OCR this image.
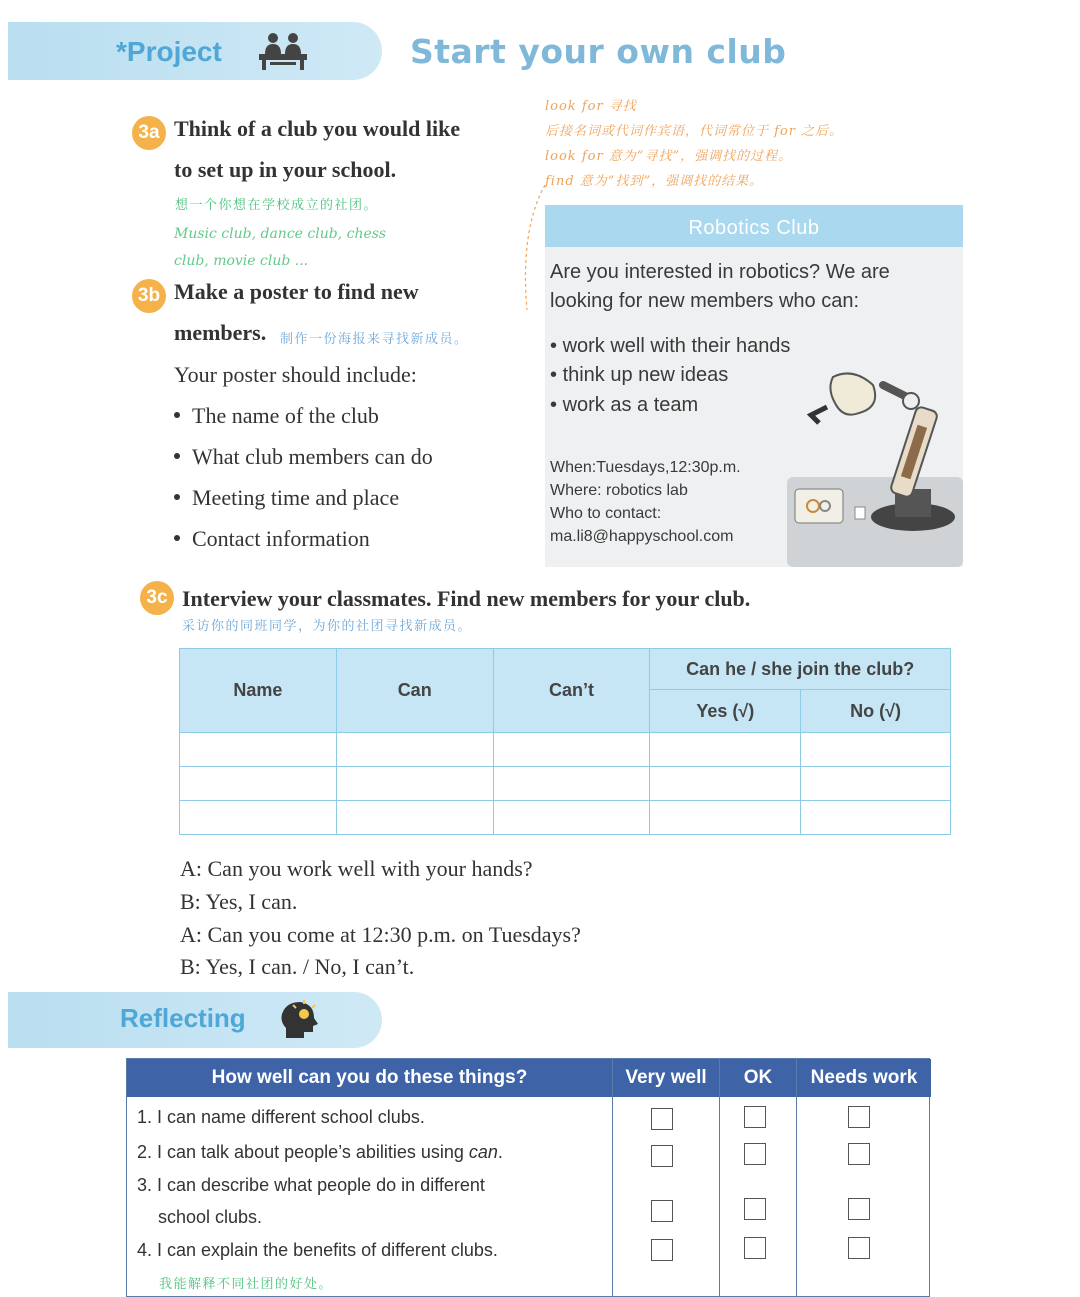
*Project	Start your own club
3a Think of a club you would like
to set up in your school.
想一个你想在学校成立的社团。
Music club, dance club, chess
club, movie club ...
look for 寻找
后接名词或代词作宾语，代词常位于 for 之后。
look for 意为“寻找”，强调找的过程。
find 意为“找到”，强调找的结果。
3b Make a poster to find new
members. 制作一份海报来寻找新成员。
Your poster should include:
The name of the club
What club members can do
Meeting time and place
Contact information
Robotics Club
Are you interested in robotics? We are
looking for new members who can:
• work well with their hands
• think up new ideas
• work as a team
When:Tuesdays,12:30p.m.
Where: robotics lab
Who to contact:
ma.li8@happyschool.com
3c Interview your classmates. Find new members for your club.
采访你的同班同学，为你的社团寻找新成员。
Name	Can	Can’t	Can he / she join the club?	
			Yes (√)	No (√)

A: Can you work well with your hands?
B: Yes, I can.
A: Can you come at 12:30 p.m. on Tuesdays?
B: Yes, I can. / No, I can’t.
Reflecting
How well can you do these things?	Very well	OK	Needs work
1. I can name different school clubs.
2. I can talk about people’s abilities using can.
3. I can describe what people do in different
school clubs.
4. I can explain the benefits of different clubs.
我能解释不同社团的好处。
